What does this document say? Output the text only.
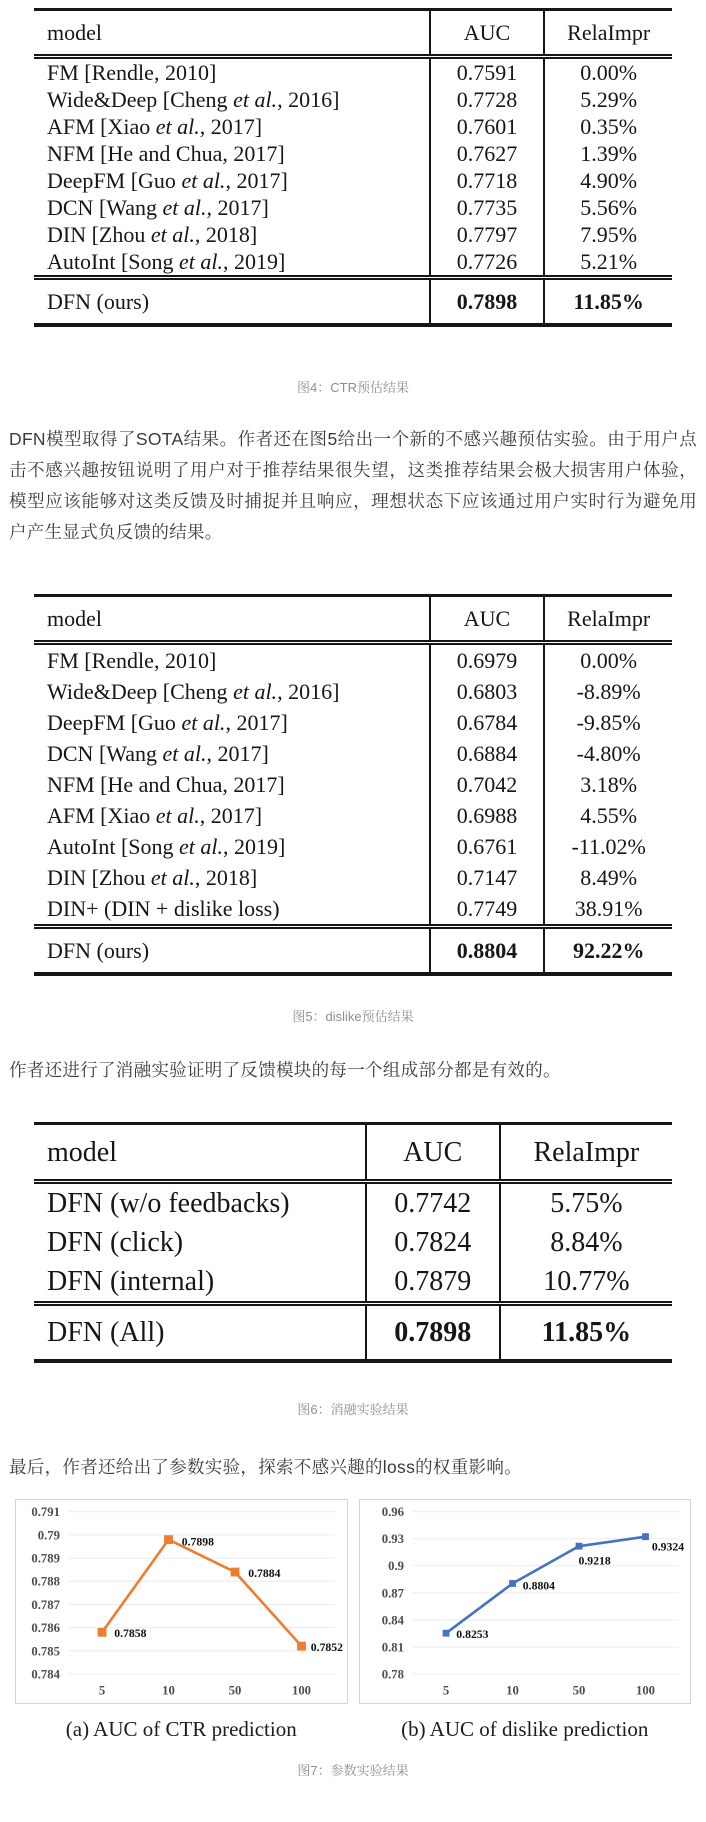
model	AUC	RelaImpr
FM [Rendle, 2010]	0.7591	0.00%
Wide&Deep [Cheng et al., 2016]	0.7728	5.29%
AFM [Xiao et al., 2017]	0.7601	0.35%
NFM [He and Chua, 2017]	0.7627	1.39%
DeepFM [Guo et al., 2017]	0.7718	4.90%
DCN [Wang et al., 2017]	0.7735	5.56%
DIN [Zhou et al., 2018]	0.7797	7.95%
AutoInt [Song et al., 2019]	0.7726	5.21%
DFN (ours)	0.7898	11.85%
图4：CTR预估结果

DFN模型取得了SOTA结果。作者还在图5给出一个新的不感兴趣预估实验。由于用户点击不感兴趣按钮说明了用户对于推荐结果很失望，这类推荐结果会极大损害用户体验，模型应该能够对这类反馈及时捕捉并且响应，理想状态下应该通过用户实时行为避免用户产生显式负反馈的结果。

model	AUC	RelaImpr
FM [Rendle, 2010]	0.6979	0.00%
Wide&Deep [Cheng et al., 2016]	0.6803	-8.89%
DeepFM [Guo et al., 2017]	0.6784	-9.85%
DCN [Wang et al., 2017]	0.6884	-4.80%
NFM [He and Chua, 2017]	0.7042	3.18%
AFM [Xiao et al., 2017]	0.6988	4.55%
AutoInt [Song et al., 2019]	0.6761	-11.02%
DIN [Zhou et al., 2018]	0.7147	8.49%
DIN+ (DIN + dislike loss)	0.7749	38.91%
DFN (ours)	0.8804	92.22%
图5：dislike预估结果

作者还进行了消融实验证明了反馈模块的每一个组成部分都是有效的。

model	AUC	RelaImpr
DFN (w/o feedbacks)	0.7742	5.75%
DFN (click)	0.7824	8.84%
DFN (internal)	0.7879	10.77%
DFN (All)	0.7898	11.85%
图6：消融实验结果

最后，作者还给出了参数实验，探索不感兴趣的loss的权重影响。

0.791
0.79
0.789
0.788
0.787
0.786
0.785
0.784
5	10	50	100
0.7858
0.7898
0.7884
0.7852
(a) AUC of CTR prediction
0.96
0.93
0.9
0.87
0.84
0.81
0.78
5	10	50	100
0.8253
0.8804
0.9218
0.9324
(b) AUC of dislike prediction
图7：参数实验结果
